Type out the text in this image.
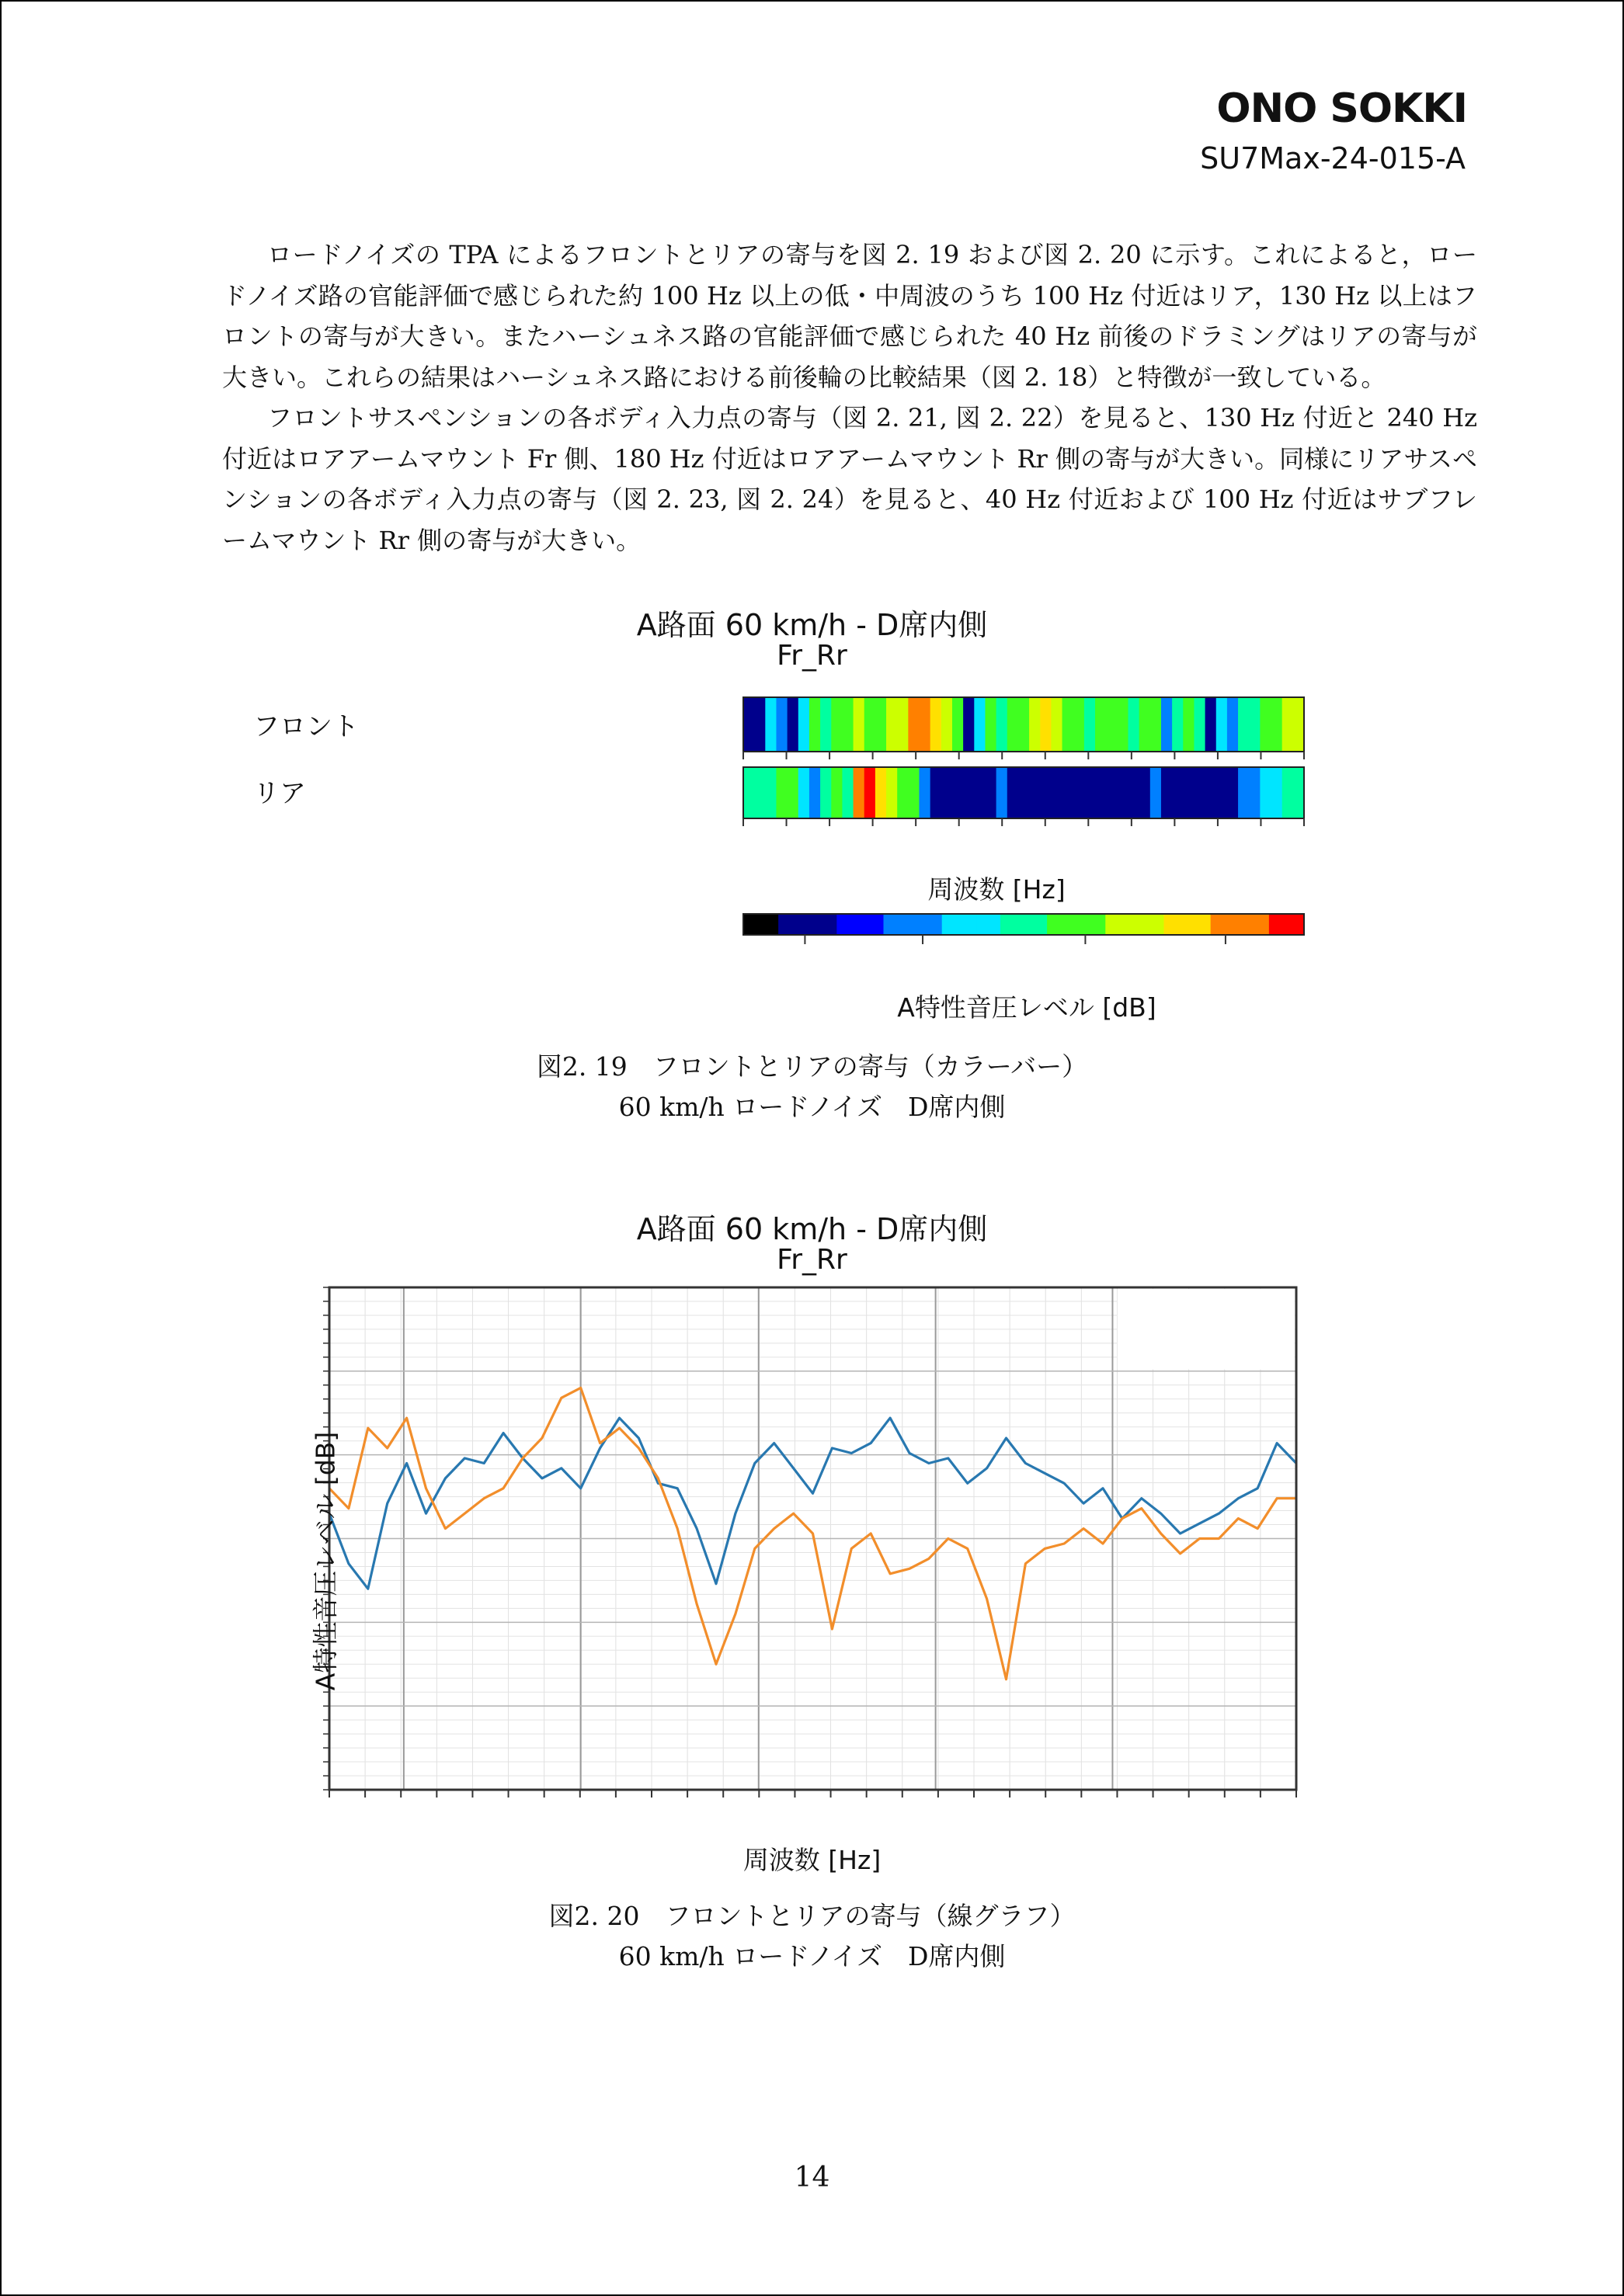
ONO SOKKI
SU7Max-24-015-A

ロードノイズの TPA によるフロントとリアの寄与を図 2. 19 および図 2. 20 に示す。これによると，ロードノイズ路の官能評価で感じられた約 100 Hz 以上の低・中周波のうち 100 Hz 付近はリア，130 Hz 以上はフロントの寄与が大きい。またハーシュネス路の官能評価で感じられた 40 Hz 前後のドラミングはリアの寄与が大きい。これらの結果はハーシュネス路における前後輪の比較結果（図 2. 18）と特徴が一致している。

フロントサスペンションの各ボディ入力点の寄与（図 2. 21, 図 2. 22）を見ると、130 Hz 付近と 240 Hz 付近はロアアームマウント Fr 側、180 Hz 付近はロアアームマウント Rr 側の寄与が大きい。同様にリアサスペンションの各ボディ入力点の寄与（図 2. 23, 図 2. 24）を見ると、40 Hz 付近および 100 Hz 付近はサブフレームマウント Rr 側の寄与が大きい。

A路面 60 km/h - D席内側
Fr_Rr
フロント
リア
周波数 [Hz]
A特性音圧レベル [dB]
図2. 19　フロントとリアの寄与（カラーバー）
60 km/h ロードノイズ　D席内側
A路面 60 km/h - D席内側
Fr_Rr
A特性音圧レベル [dB]
周波数 [Hz]
図2. 20　フロントとリアの寄与（線グラフ）
60 km/h ロードノイズ　D席内側
14
